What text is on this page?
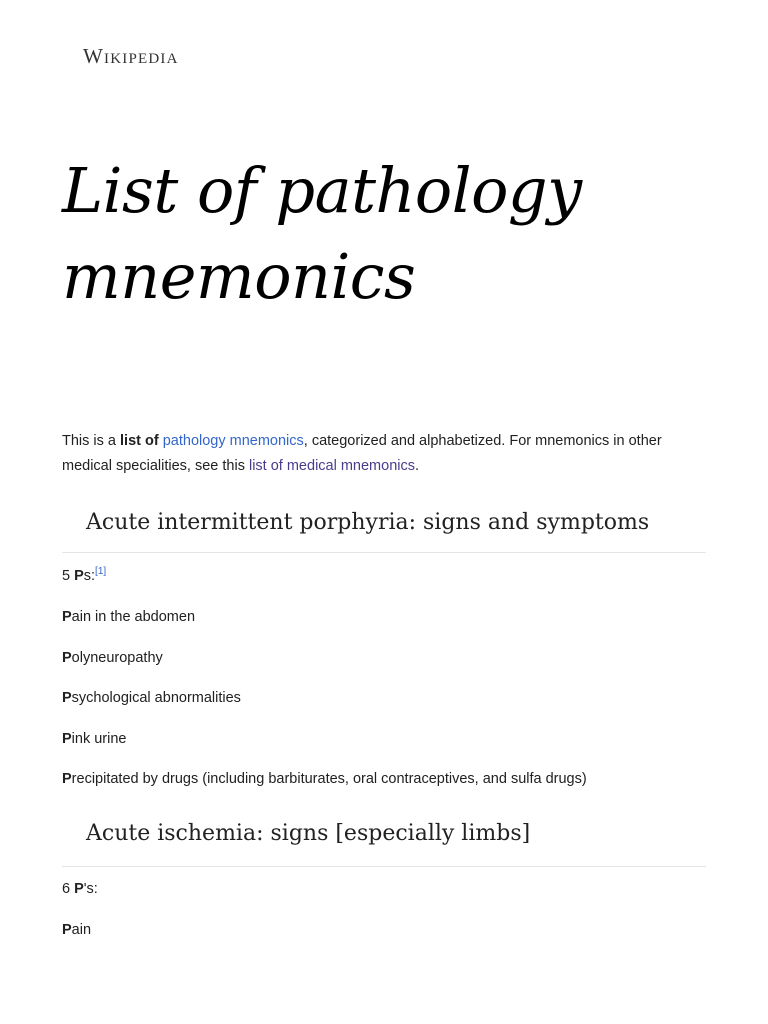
Wikipedia
List of pathology mnemonics

This is a list of pathology mnemonics, categorized and alphabetized. For mnemonics in other medical specialities, see this list of medical mnemonics.

Acute intermittent porphyria: signs and symptoms

5 Ps:[1]

Pain in the abdomen

Polyneuropathy

Psychological abnormalities

Pink urine

Precipitated by drugs (including barbiturates, oral contraceptives, and sulfa drugs)

Acute ischemia: signs [especially limbs]

6 P's:

Pain
